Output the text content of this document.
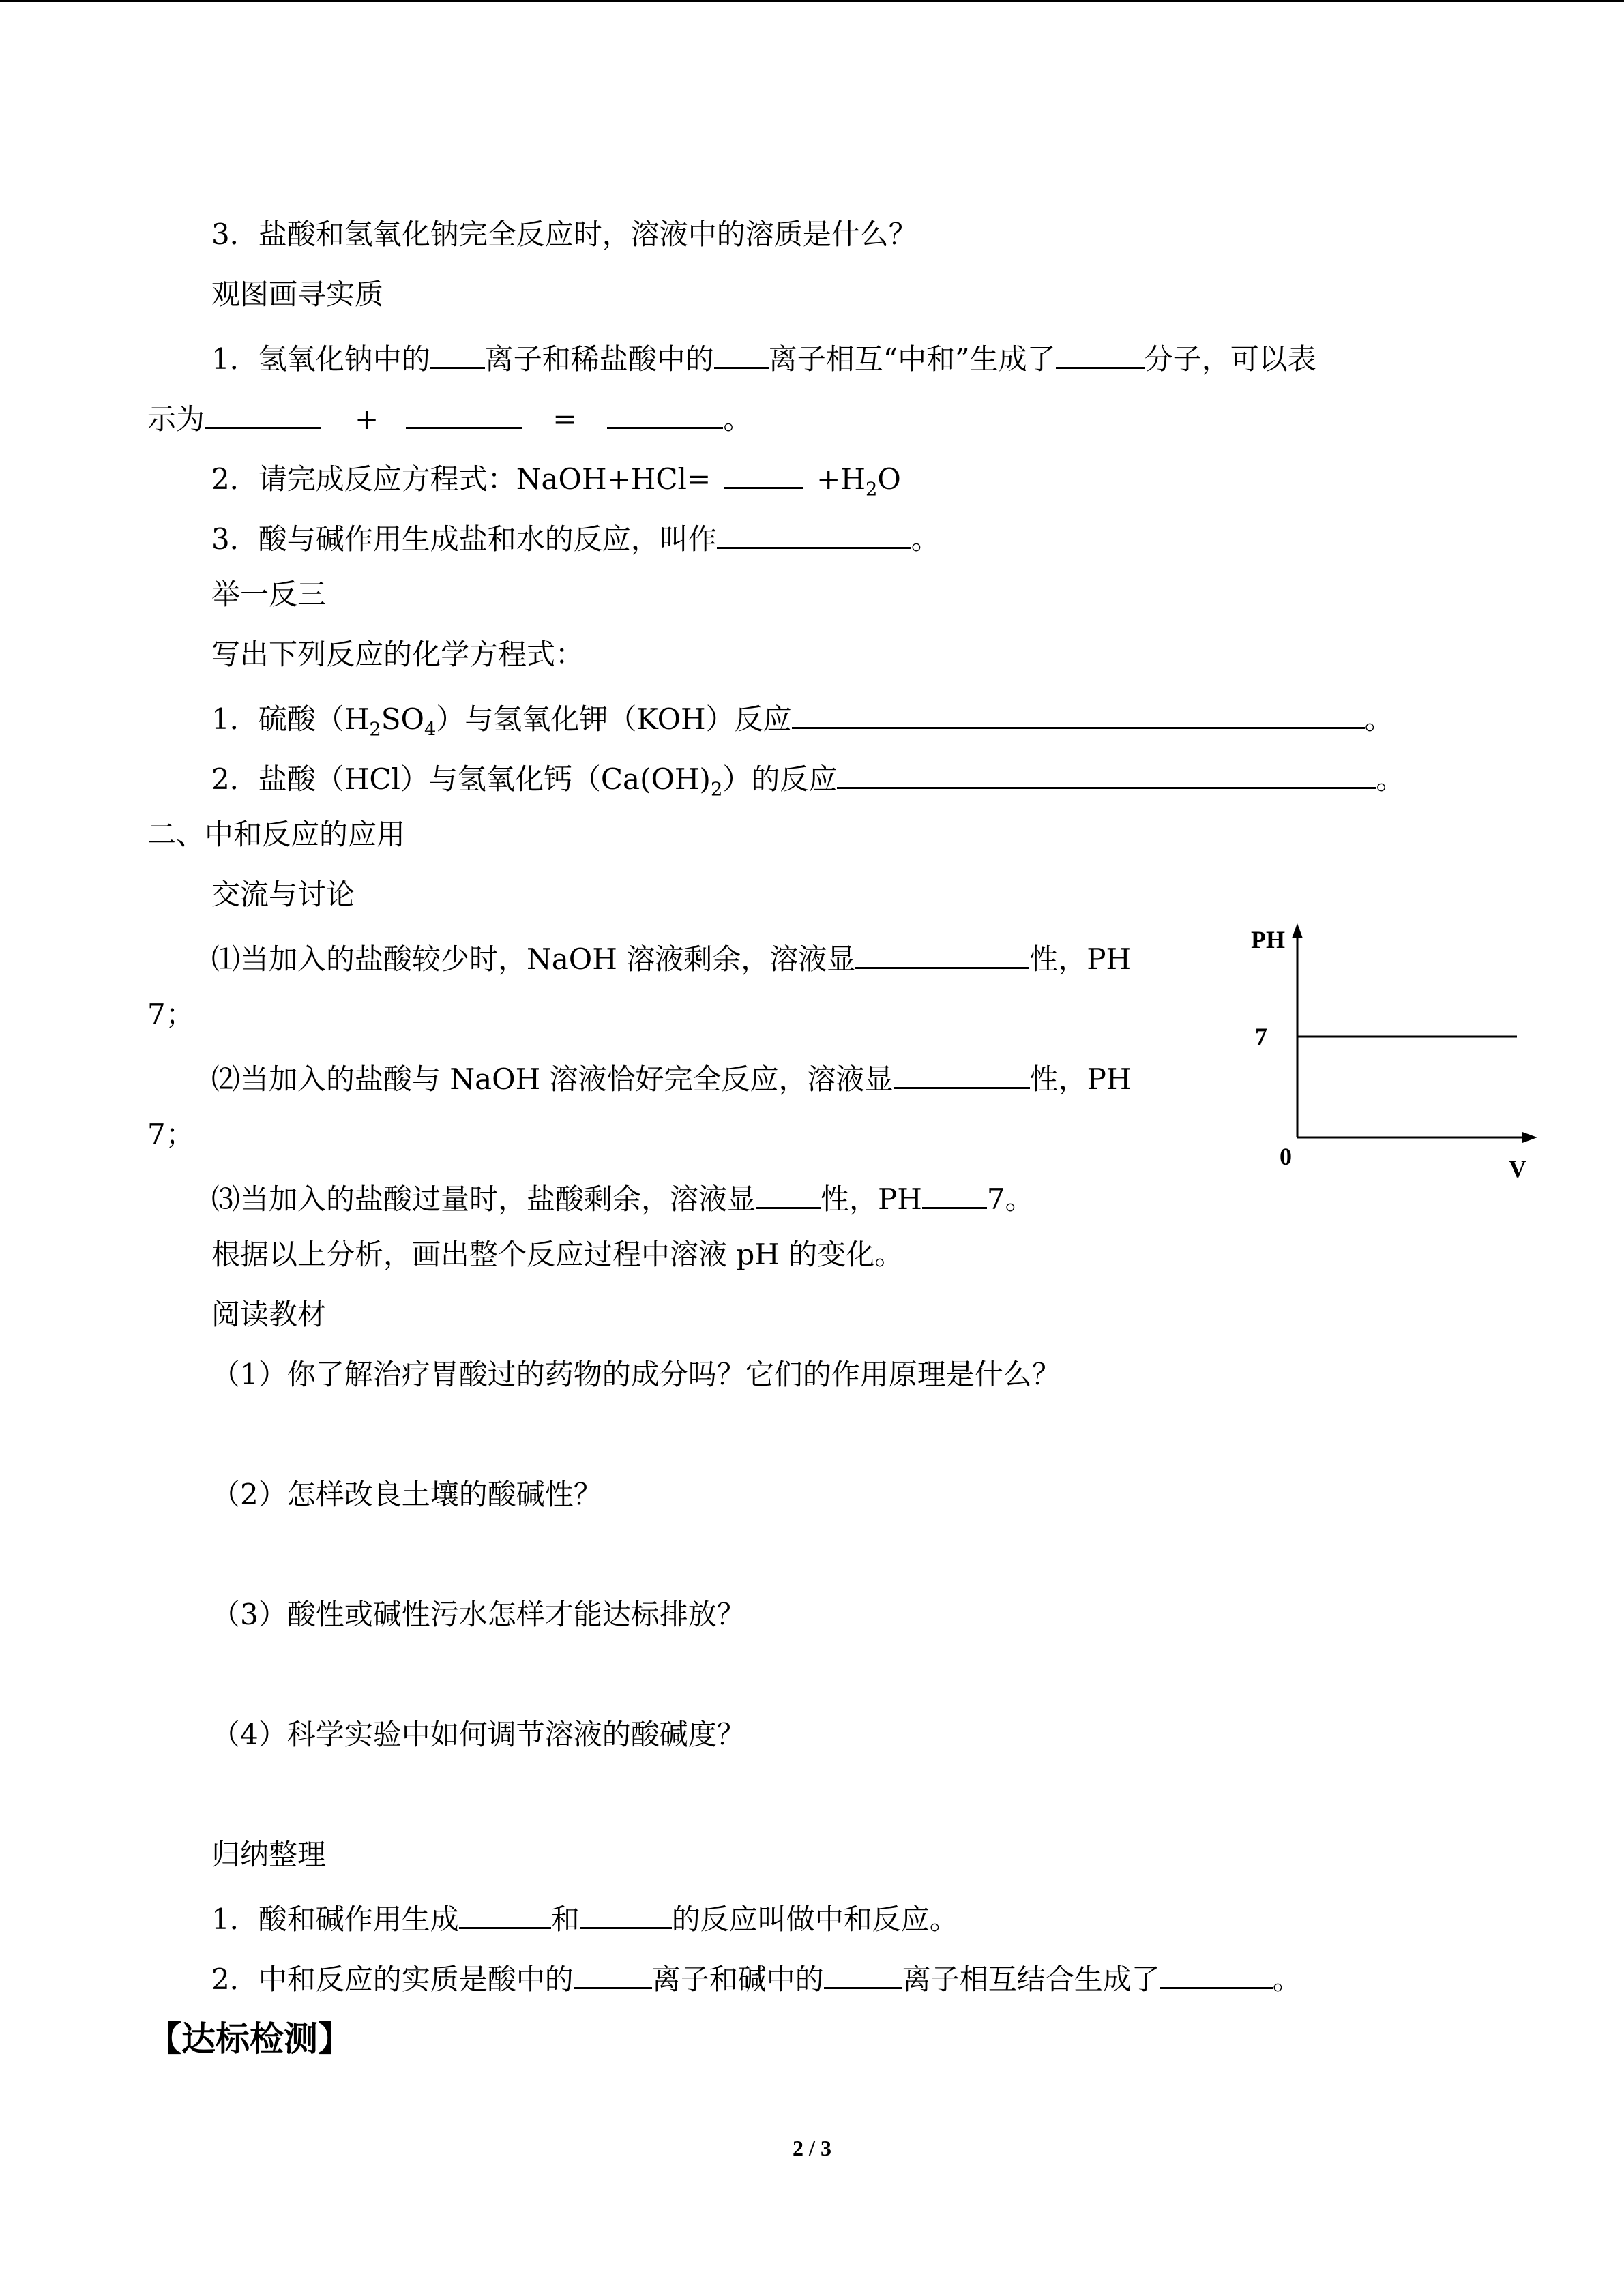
3．盐酸和氢氧化钠完全反应时，溶液中的溶质是什么？
观图画寻实质
1．氢氧化钠中的 离子和稀盐酸中的 离子相互“中和”生成了	分子，可以表
示为	+	=	。
2．请完成反应方程式：NaOH+HCl=	$+H_2O$
3．酸与碱作用生成盐和水的反应，叫作	。
举一反三
写出下列反应的化学方程式：
1．硫酸$(H_2SO_4)$与氢氧化钾（KOH）反应	。
2．盐酸（HCl）与氢氧化钙$(Ca(OH)_2)$的反应	。
二、中和反应的应用
交流与讨论
⑴当加入的盐酸较少时，NaOH 溶液剩余，溶液显	性，PH
7；
⑵当加入的盐酸与 NaOH 溶液恰好完全反应，溶液显	性，PH
7；
⑶当加入的盐酸过量时，盐酸剩余，溶液显 性，PH 7。
根据以上分析，画出整个反应过程中溶液 pH 的变化。
阅读教材
（1）你了解治疗胃酸过的药物的成分吗？它们的作用原理是什么？
（2）怎样改良土壤的酸碱性？
（3）酸性或碱性污水怎样才能达标排放？
（4）科学实验中如何调节溶液的酸碱度？
归纳整理
1．酸和碱作用生成	和	的反应叫做中和反应。
2．中和反应的实质是酸中的	离子和碱中的	离子相互结合生成了	。
【达标检测】
PH
7
0	V
2 / 3
